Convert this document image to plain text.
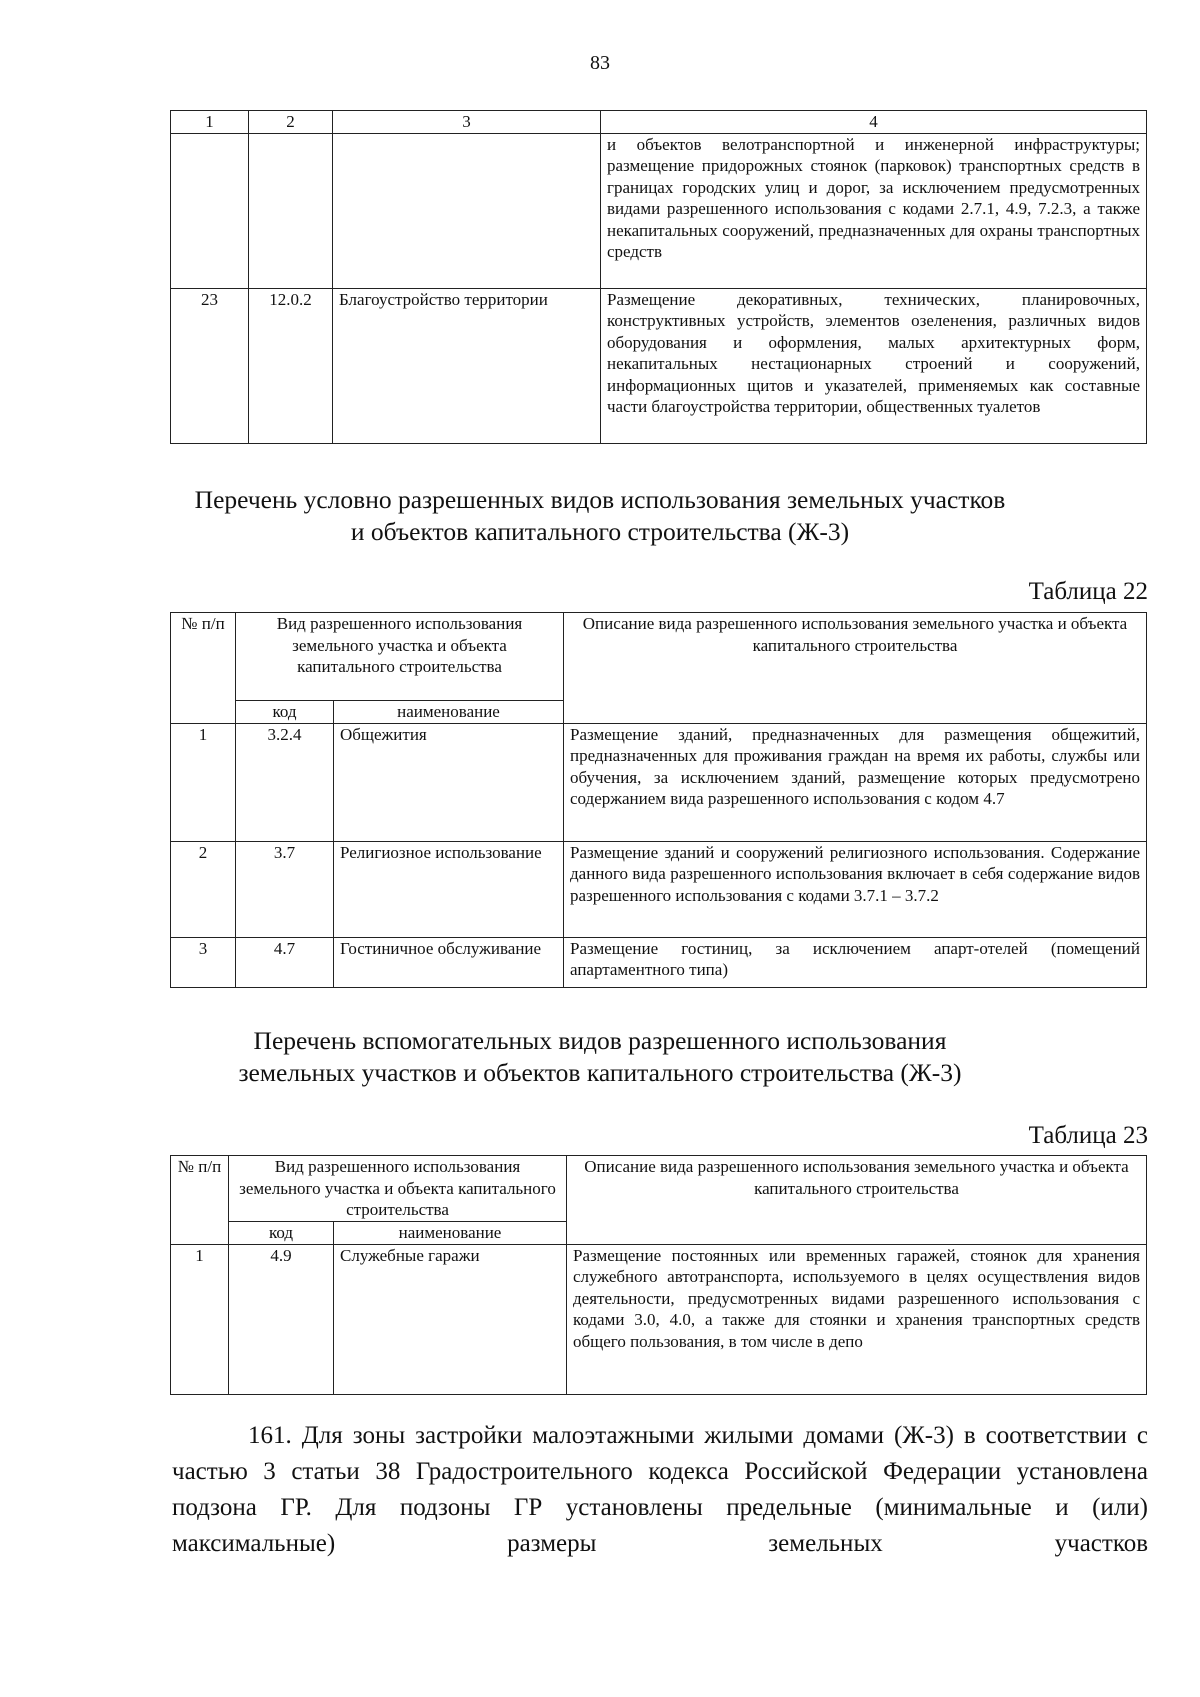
83
1	2	3	4
			и объектов велотранспортной и инженерной инфраструктуры; размещение придорожных стоянок (парковок) транспортных средств в границах городских улиц и дорог, за исключением предусмотренных видами разрешенного использования с кодами 2.7.1, 4.9, 7.2.3, а также некапитальных сооружений, предназначенных для охраны транспортных средств
23	12.0.2	Благоустройство территории	Размещение декоративных, технических, планировочных, конструктивных устройств, элементов озеленения, различных видов оборудования и оформления, малых архитектурных форм, некапитальных нестационарных строений и сооружений, информационных щитов и указателей, применяемых как составные части благоустройства территории, общественных туалетов
Перечень условно разрешенных видов использования земельных участков
и объектов капитального строительства (Ж-3)
Таблица 22
№ п/п	Вид разрешенного использования земельного участка и объекта капитального строительства		Описание вида разрешенного использования земельного участка и объекта капитального строительства
	код	наименование	
1	3.2.4	Общежития	Размещение зданий, предназначенных для размещения общежитий, предназначенных для проживания граждан на время их работы, службы или обучения, за исключением зданий, размещение которых предусмотрено содержанием вида разрешенного использования с кодом 4.7
2	3.7	Религиозное использование	Размещение зданий и сооружений религиозного использования. Содержание данного вида разрешенного использования включает в себя содержание видов разрешенного использования с кодами 3.7.1 – 3.7.2
3	4.7	Гостиничное обслуживание	Размещение гостиниц, за исключением апарт-отелей (помещений апартаментного типа)
Перечень вспомогательных видов разрешенного использования
земельных участков и объектов капитального строительства (Ж-3)
Таблица 23
№ п/п	Вид разрешенного использования земельного участка и объекта капитального строительства		Описание вида разрешенного использования земельного участка и объекта капитального строительства
	код	наименование	
1	4.9	Служебные гаражи	Размещение постоянных или временных гаражей, стоянок для хранения служебного автотранспорта, используемого в целях осуществления видов деятельности, предусмотренных видами разрешенного использования с кодами 3.0, 4.0, а также для стоянки и хранения транспортных средств общего пользования, в том числе в депо
161. Для зоны застройки малоэтажными жилыми домами (Ж-3) в соответствии с частью 3 статьи 38 Градостроительного кодекса Российской Федерации установлена подзона ГР. Для подзоны ГР установлены предельные (минимальные и (или) максимальные) размеры земельных участков
